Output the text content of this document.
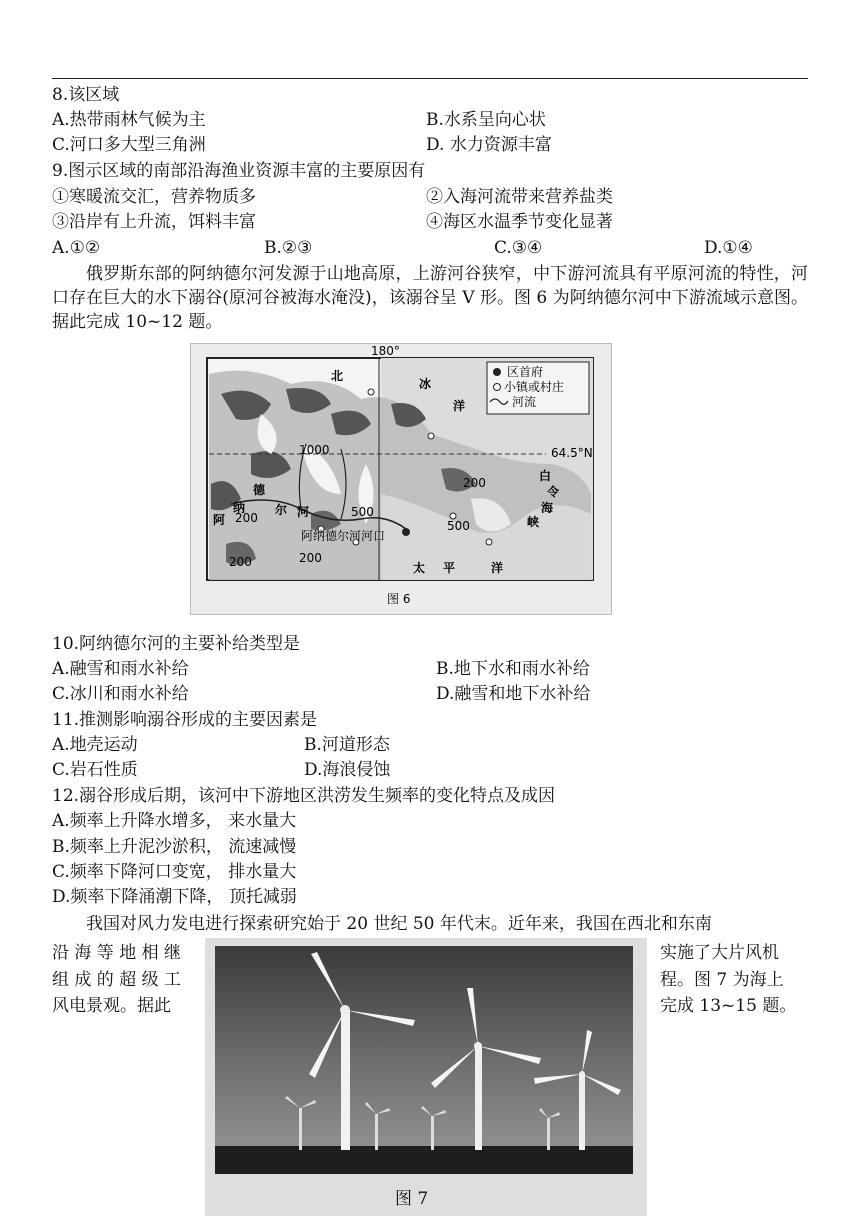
8.该区域
A.热带雨林气候为主	B.水系呈向心状
C.河口多大型三角洲	D. 水力资源丰富
9.图示区域的南部沿海渔业资源丰富的主要原因有
①寒暖流交汇，营养物质多	②入海河流带来营养盐类
③沿岸有上升流，饵料丰富	④海区水温季节变化显著
A.①②	B.②③	C.③④	D.①④
俄罗斯东部的阿纳德尔河发源于山地高原，上游河谷狭窄，中下游河流具有平原河流的特性，河口存在巨大的水下溺谷(原河谷被海水淹没)，该溺谷呈 V 形。图 6 为阿纳德尔河中下游流域示意图。据此完成 10~12 题。
区首府
小镇或村庄
河流
180°
64.5°N
北
冰
洋
白
令
海
峡
太 平	洋
阿
纳
德
尔 河
阿纳德尔河河口
1000
200
200
500
500
200
200
图 6
10.阿纳德尔河的主要补给类型是
A.融雪和雨水补给	B.地下水和雨水补给
C.冰川和雨水补给	D.融雪和地下水补给
11.推测影响溺谷形成的主要因素是
A.地壳运动	B.河道形态
C.岩石性质	D.海浪侵蚀
12.溺谷形成后期，该河中下游地区洪涝发生频率的变化特点及成因
A.频率上升降水增多， 来水量大
B.频率上升泥沙淤积， 流速减慢
C.频率下降河口变宽， 排水量大
D.频率下降涌潮下降， 顶托减弱
我国对风力发电进行探索研究始于 20 世纪 50 年代末。近年来，我国在西北和东南
沿 海 等 地 相 继	实施了大片风机
组 成 的 超 级 工	程。图 7 为海上
风电景观。据此	完成 13~15 题。
图 7
